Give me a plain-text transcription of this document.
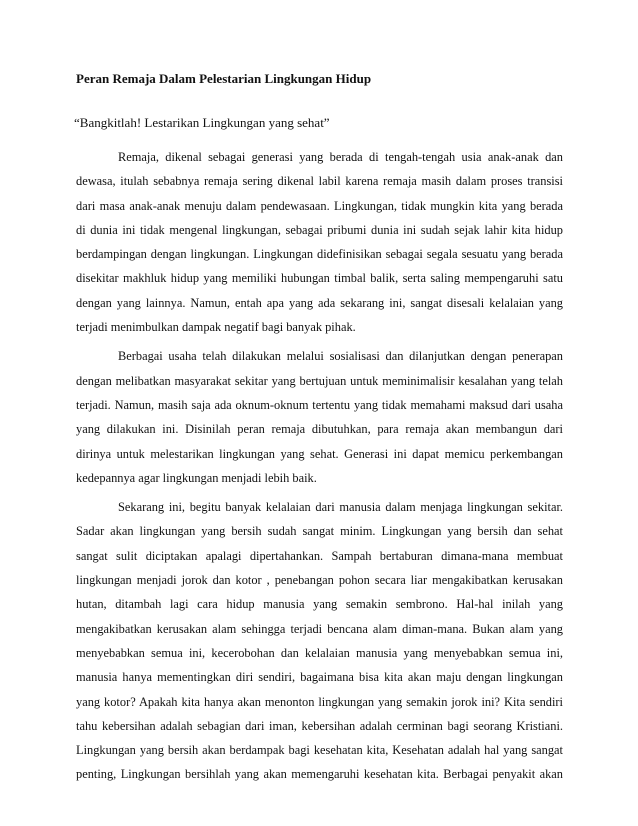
Peran Remaja Dalam Pelestarian Lingkungan Hidup
“Bangkitlah! Lestarikan Lingkungan yang sehat”

Remaja, dikenal sebagai generasi yang berada di tengah-tengah usia anak-anak dan
dewasa, itulah sebabnya remaja sering dikenal labil karena remaja masih dalam proses transisi
dari masa anak-anak menuju dalam pendewasaan. Lingkungan, tidak mungkin kita yang berada
di dunia ini tidak mengenal lingkungan, sebagai pribumi dunia ini sudah sejak lahir kita hidup
berdampingan dengan lingkungan. Lingkungan didefinisikan sebagai segala sesuatu yang berada
disekitar makhluk hidup yang memiliki hubungan timbal balik, serta saling mempengaruhi satu
dengan yang lainnya. Namun, entah apa yang ada sekarang ini, sangat disesali kelalaian yang
terjadi menimbulkan dampak negatif bagi banyak pihak.

Berbagai usaha telah dilakukan melalui sosialisasi dan dilanjutkan dengan penerapan
dengan melibatkan masyarakat sekitar yang bertujuan untuk meminimalisir kesalahan yang telah
terjadi. Namun, masih saja ada oknum-oknum tertentu yang tidak memahami maksud dari usaha
yang dilakukan ini. Disinilah peran remaja dibutuhkan, para remaja akan membangun dari
dirinya untuk melestarikan lingkungan yang sehat. Generasi ini dapat memicu perkembangan
kedepannya agar lingkungan menjadi lebih baik.

Sekarang ini, begitu banyak kelalaian dari manusia dalam menjaga lingkungan sekitar.
Sadar akan lingkungan yang bersih sudah sangat minim. Lingkungan yang bersih dan sehat
sangat sulit diciptakan apalagi dipertahankan. Sampah bertaburan dimana-mana membuat
lingkungan menjadi jorok dan kotor , penebangan pohon secara liar mengakibatkan kerusakan
hutan, ditambah lagi cara hidup manusia yang semakin sembrono. Hal-hal inilah yang
mengakibatkan kerusakan alam sehingga terjadi bencana alam diman-mana. Bukan alam yang
menyebabkan semua ini, kecerobohan dan kelalaian manusia yang menyebabkan semua ini,
manusia hanya mementingkan diri sendiri, bagaimana bisa kita akan maju dengan lingkungan
yang kotor? Apakah kita hanya akan menonton lingkungan yang semakin jorok ini? Kita sendiri
tahu kebersihan adalah sebagian dari iman, kebersihan adalah cerminan bagi seorang Kristiani.
Lingkungan yang bersih akan berdampak bagi kesehatan kita, Kesehatan adalah hal yang sangat
penting, Lingkungan bersihlah yang akan memengaruhi kesehatan kita. Berbagai penyakit akan
